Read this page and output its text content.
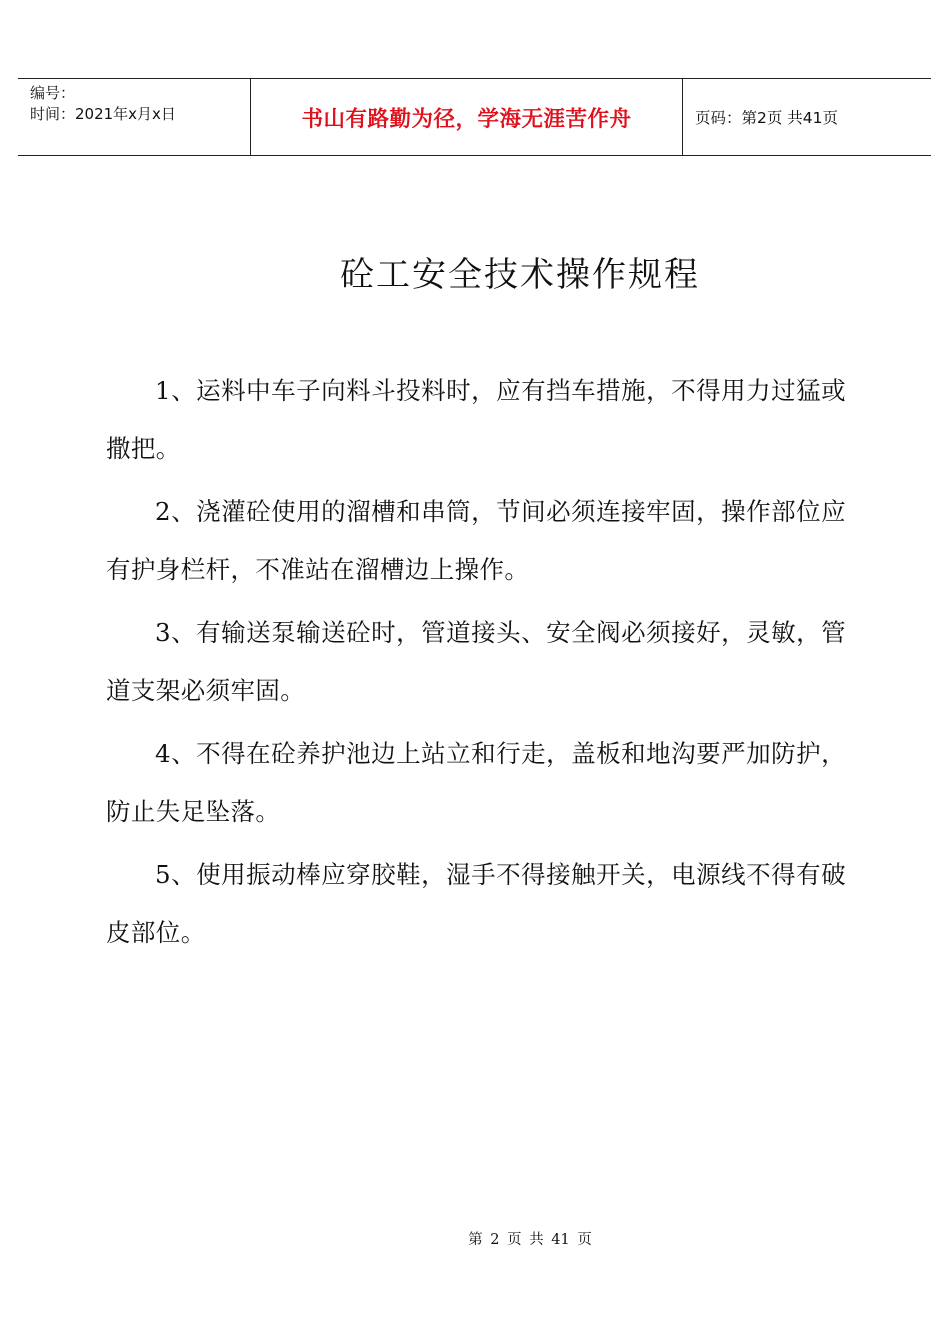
编号：
时间：2021年x月x日	书山有路勤为径，学海无涯苦作舟	页码：第2页 共41页
砼工安全技术操作规程

1、运料中车子向料斗投料时，应有挡车措施，不得用力过猛或撒把。

2、浇灌砼使用的溜槽和串筒，节间必须连接牢固，操作部位应有护身栏杆，不准站在溜槽边上操作。

3、有输送泵输送砼时，管道接头、安全阀必须接好，灵敏，管道支架必须牢固。

4、不得在砼养护池边上站立和行走，盖板和地沟要严加防护，防止失足坠落。

5、使用振动棒应穿胶鞋，湿手不得接触开关，电源线不得有破皮部位。

第 2 页 共 41 页
